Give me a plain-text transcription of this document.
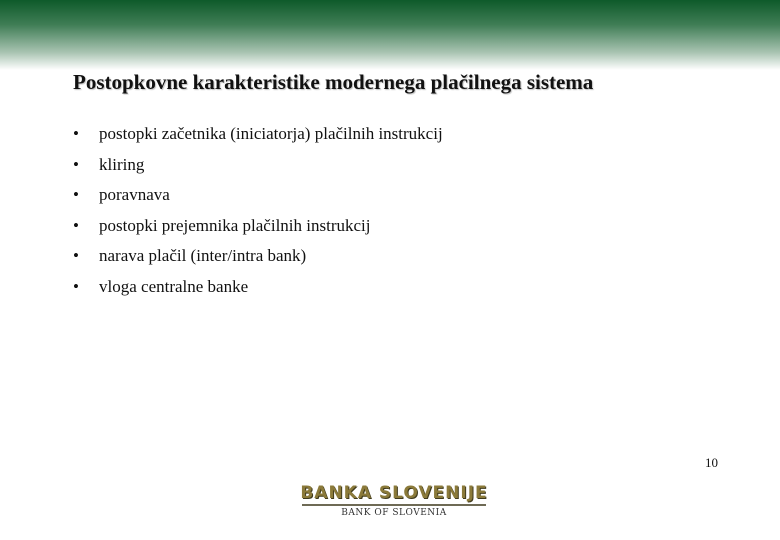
Postopkovne karakteristike modernega plačilnega sistema
•	postopki začetnika (iniciatorja) plačilnih instrukcij
•	kliring
•	poravnava
•	postopki prejemnika plačilnih instrukcij
•	narava plačil (inter/intra bank)
•	vloga centralne banke
10
BANKA SLOVENIJE
BANK OF SLOVENIA
